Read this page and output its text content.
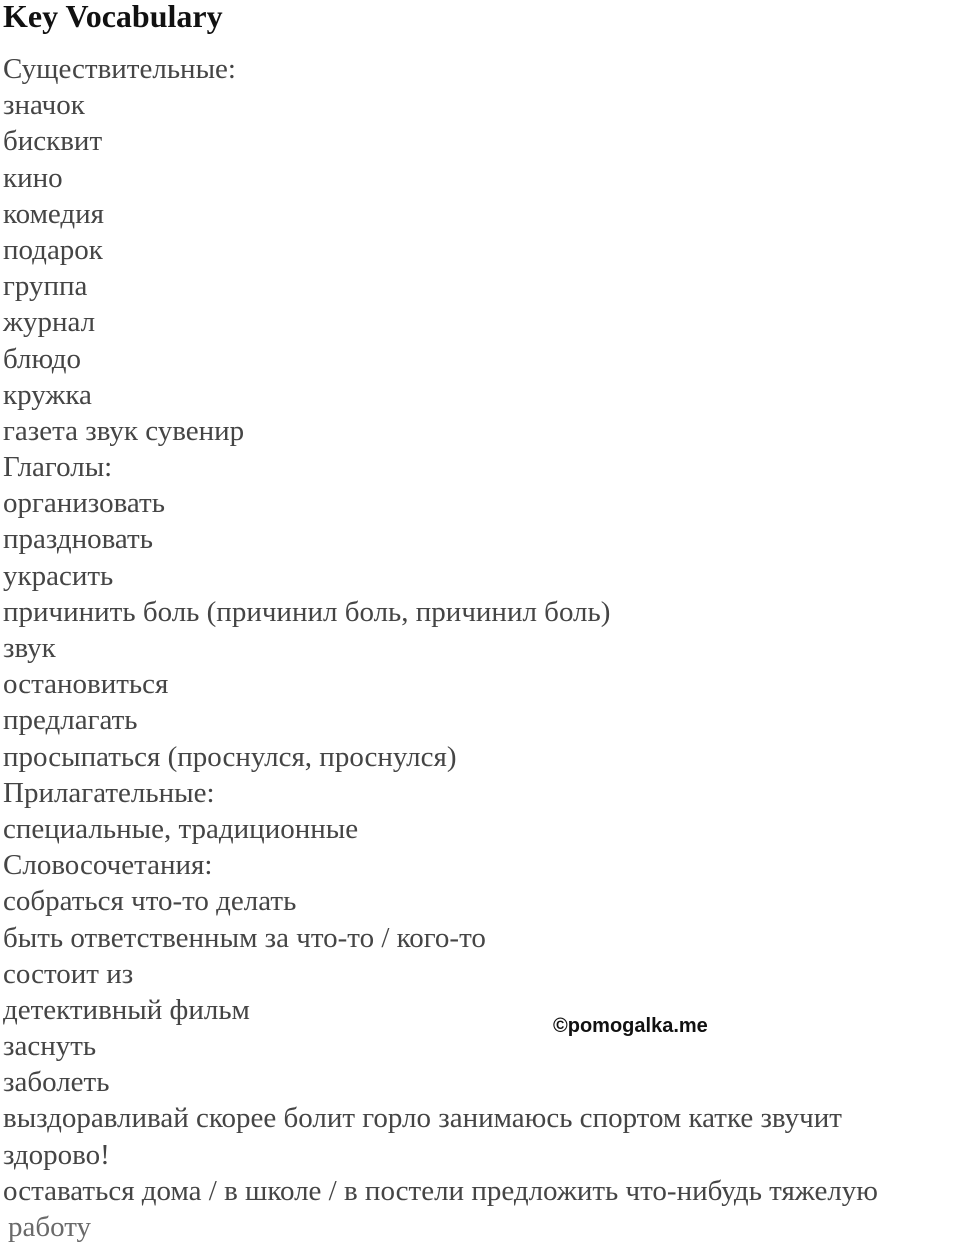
Key Vocabulary
Существительные:
значок
бисквит
кино
комедия
подарок
группа
журнал
блюдо
кружка
газета звук сувенир
Глаголы:
организовать
праздновать
украсить
причинить боль (причинил боль, причинил боль)
звук
остановиться
предлагать
просыпаться (проснулся, проснулся)
Прилагательные:
специальные, традиционные
Словосочетания:
собраться что-то делать
быть ответственным за что-то / кого-то
состоит из
детективный фильм
заснуть
заболеть
выздоравливай скорее болит горло занимаюсь спортом катке звучит
здорово!
оставаться дома / в школе / в постели предложить что-нибудь тяжелую
работу
©pomogalka.me
